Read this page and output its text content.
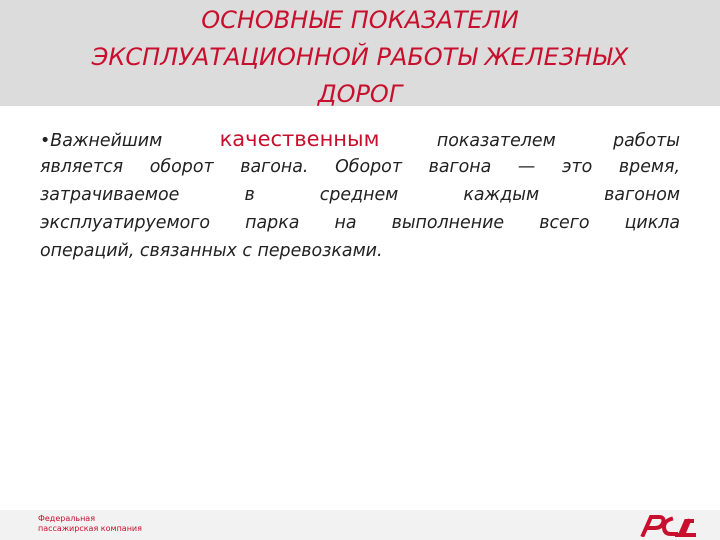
ОСНОВНЫЕ ПОКАЗАТЕЛИ
ЭКСПЛУАТАЦИОННОЙ РАБОТЫ ЖЕЛЕЗНЫХ
ДОРОГ
•Важнейшим	качественным	показателем работы
является оборот вагона. Оборот вагона — это время,
затрачиваемое в среднем каждым вагоном
эксплуатируемого парка на выполнение всего цикла
операций, связанных с перевозками.
Федеральная
пассажирская компания
